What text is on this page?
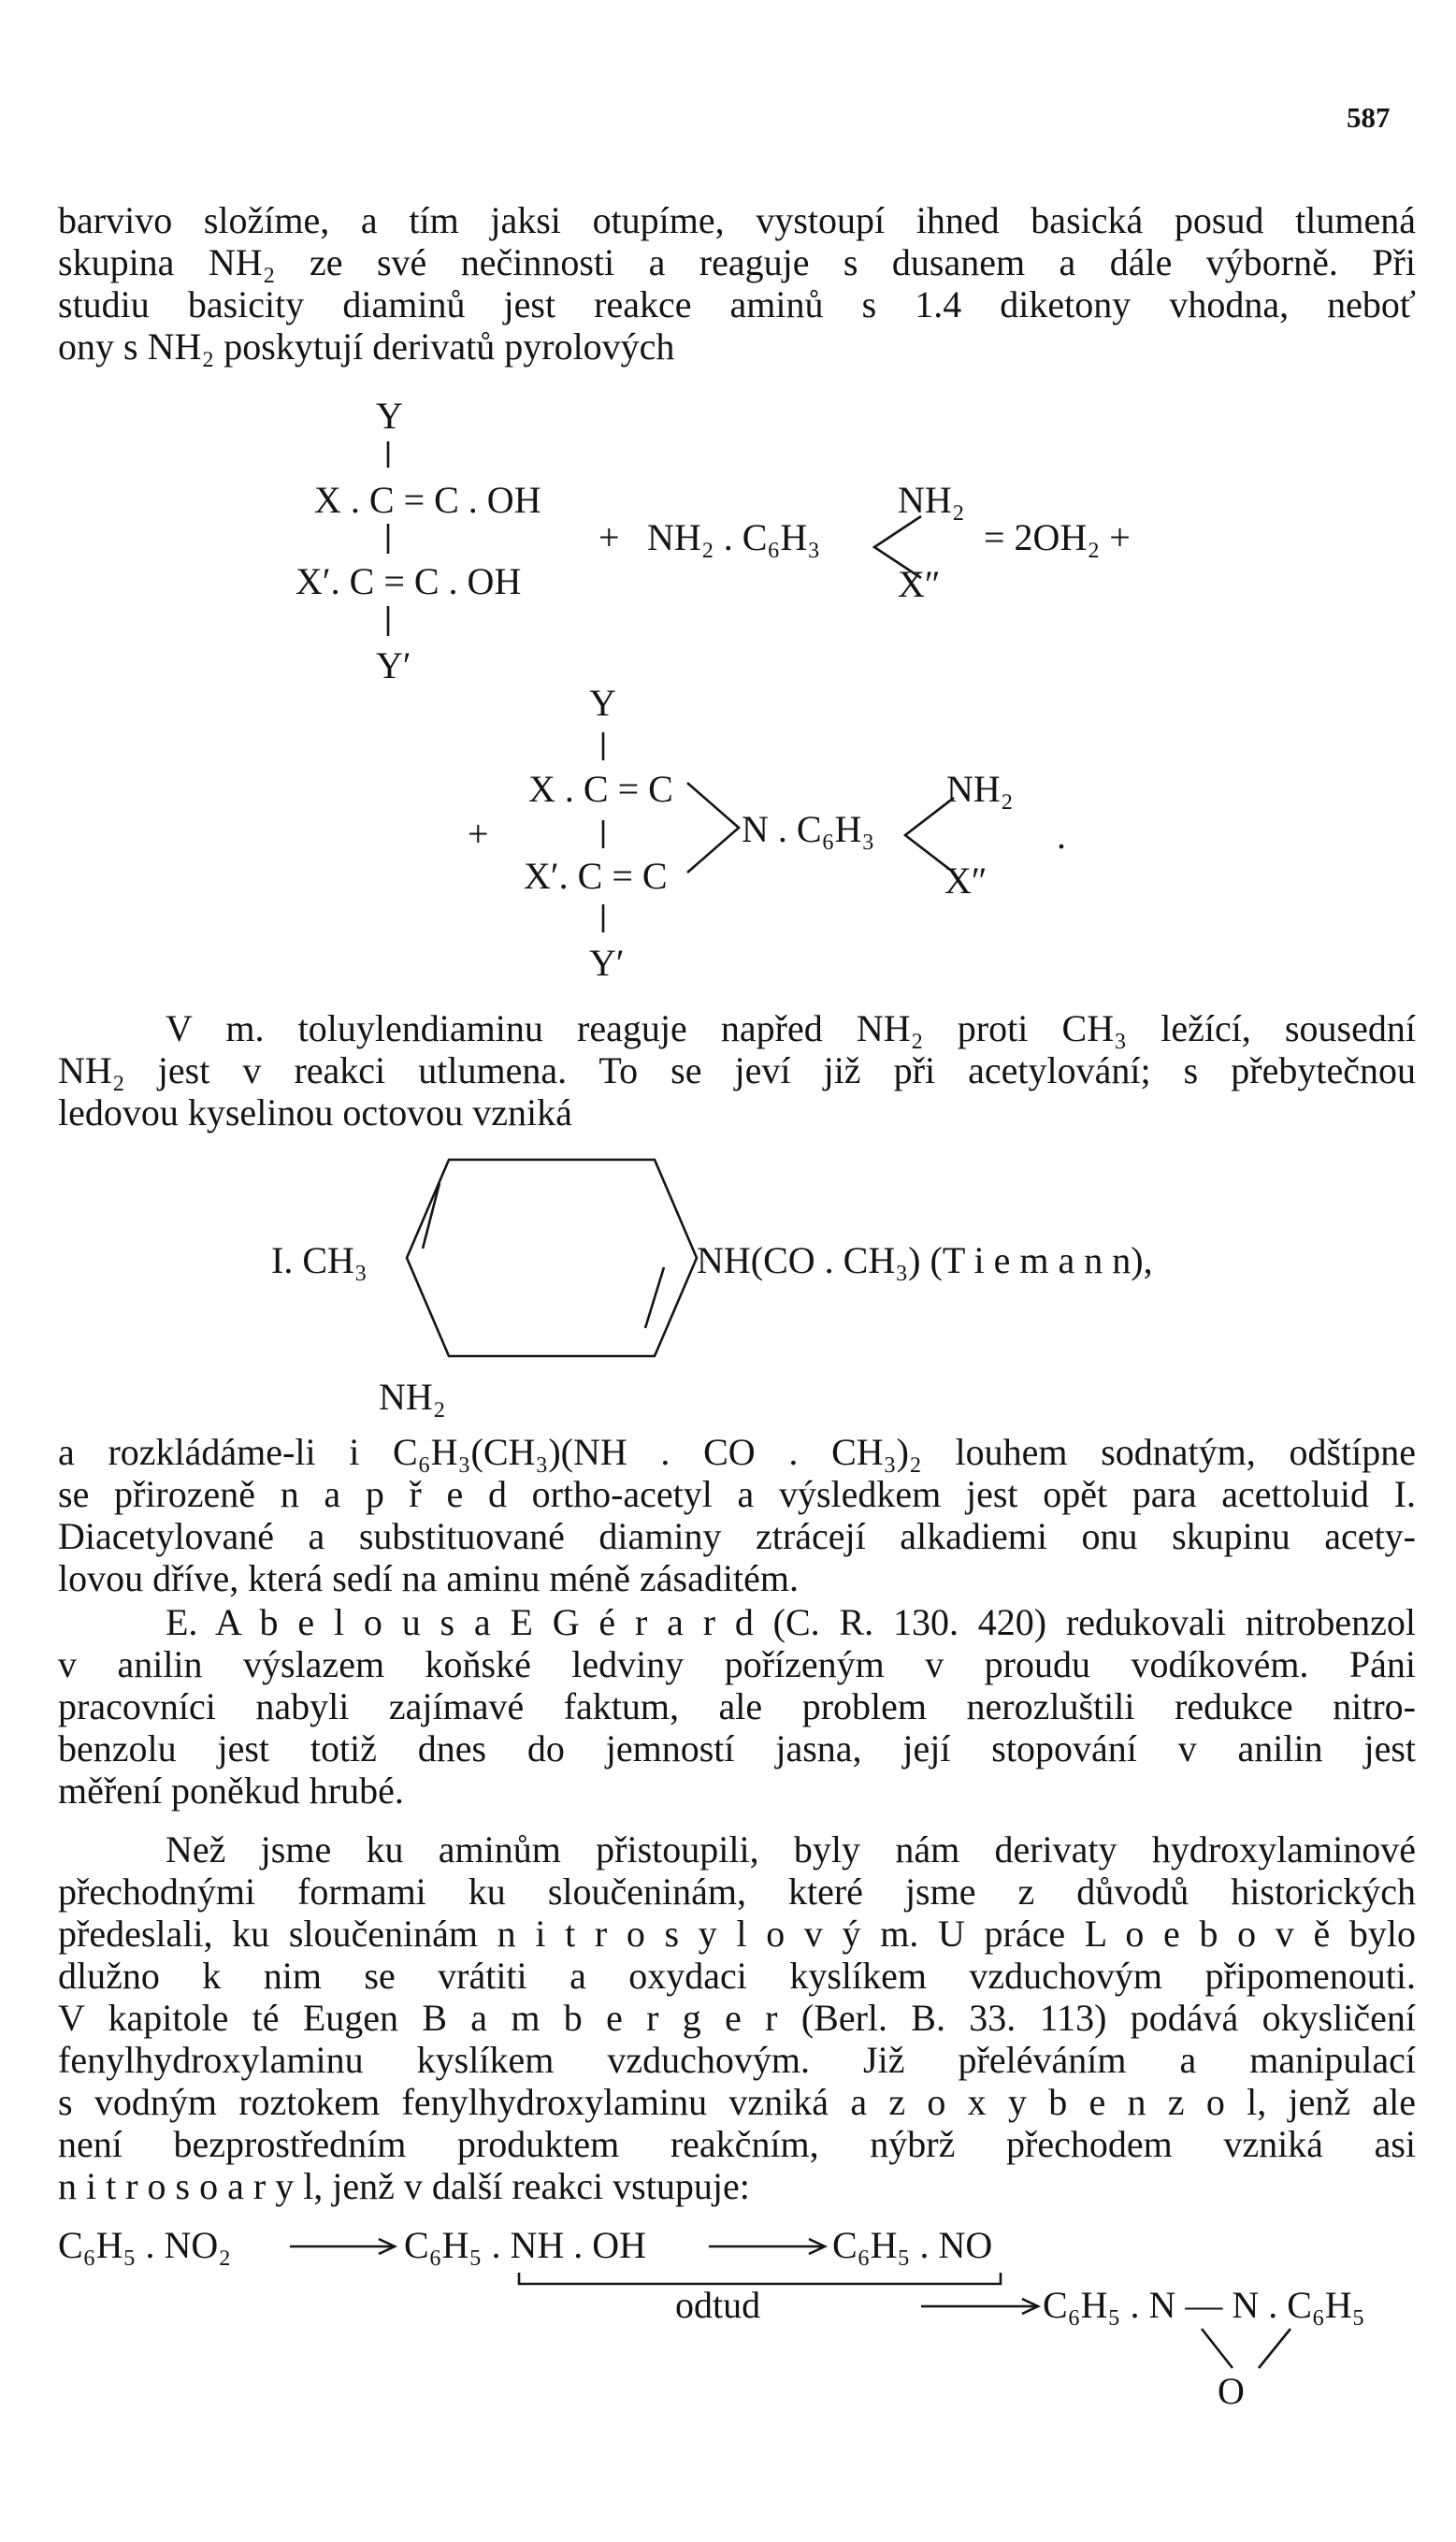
587

barvivo složíme, a tím jaksi otupíme, vystoupí ihned basická posud tlumená
skupina NH₂ ze své nečinnosti a reaguje s dusanem a dále výborně. Při
studiu basicity diaminů jest reakce aminů s 1.4 diketony vhodna, neboť
ony s NH₂ poskytují derivatů pyrolových

Y
X . C = C . OH
+ NH₂ . C₆H₃
NH₂
X″
= 2OH₂ +
X′. C = C . OH
Y′
Y
X . C = C
+	N . C₆H₃
NH₂
X″
.
X′. C = C
Y′

V m. toluylendiaminu reaguje napřed NH₂ proti CH₃ ležící, sousední
NH₂ jest v reakci utlumena. To se jeví již při acetylování; s přebytečnou
ledovou kyselinou octovou vzniká

I. CH₃	NH(CO . CH₃) (T i e m a n n),
NH₂

a rozkládáme-li i C₆H₃(CH₃)(NH . CO . CH₃)₂ louhem sodnatým, odštípne
se přirozeně n a p ř e d ortho-acetyl a výsledkem jest opět para acettoluid I.
Diacetylované a substituované diaminy ztrácejí alkadiemi onu skupinu acety-
lovou dříve, která sedí na aminu méně zásaditém.

E. A b e l o u s a E G é r a r d (C. R. 130. 420) redukovali nitrobenzol
v anilin výslazem koňské ledviny pořízeným v proudu vodíkovém. Páni
pracovníci nabyli zajímavé faktum, ale problem nerozluštili redukce nitro-
benzolu jest totiž dnes do jemností jasna, její stopování v anilin jest
měření poněkud hrubé.

Než jsme ku aminům přistoupili, byly nám derivaty hydroxylaminové
přechodnými formami ku sloučeninám, které jsme z důvodů historických
předeslali, ku sloučeninám n i t r o s y l o v ý m. U práce L o e b o v ě bylo
dlužno k nim se vrátiti a oxydaci kyslíkem vzduchovým připomenouti.
V kapitole té Eugen B a m b e r g e r (Berl. B. 33. 113) podává okysličení
fenylhydroxylaminu kyslíkem vzduchovým. Již přeléváním a manipulací
s vodným roztokem fenylhydroxylaminu vzniká a z o x y b e n z o l, jenž ale
není bezprostředním produktem reakčním, nýbrž přechodem vzniká asi
n i t r o s o a r y l, jenž v další reakci vstupuje:

C₆H₅ . NO₂	C₆H₅ . NH . OH	C₆H₅ . NO
odtud	C₆H₅ . N — N . C₆H₅
O
